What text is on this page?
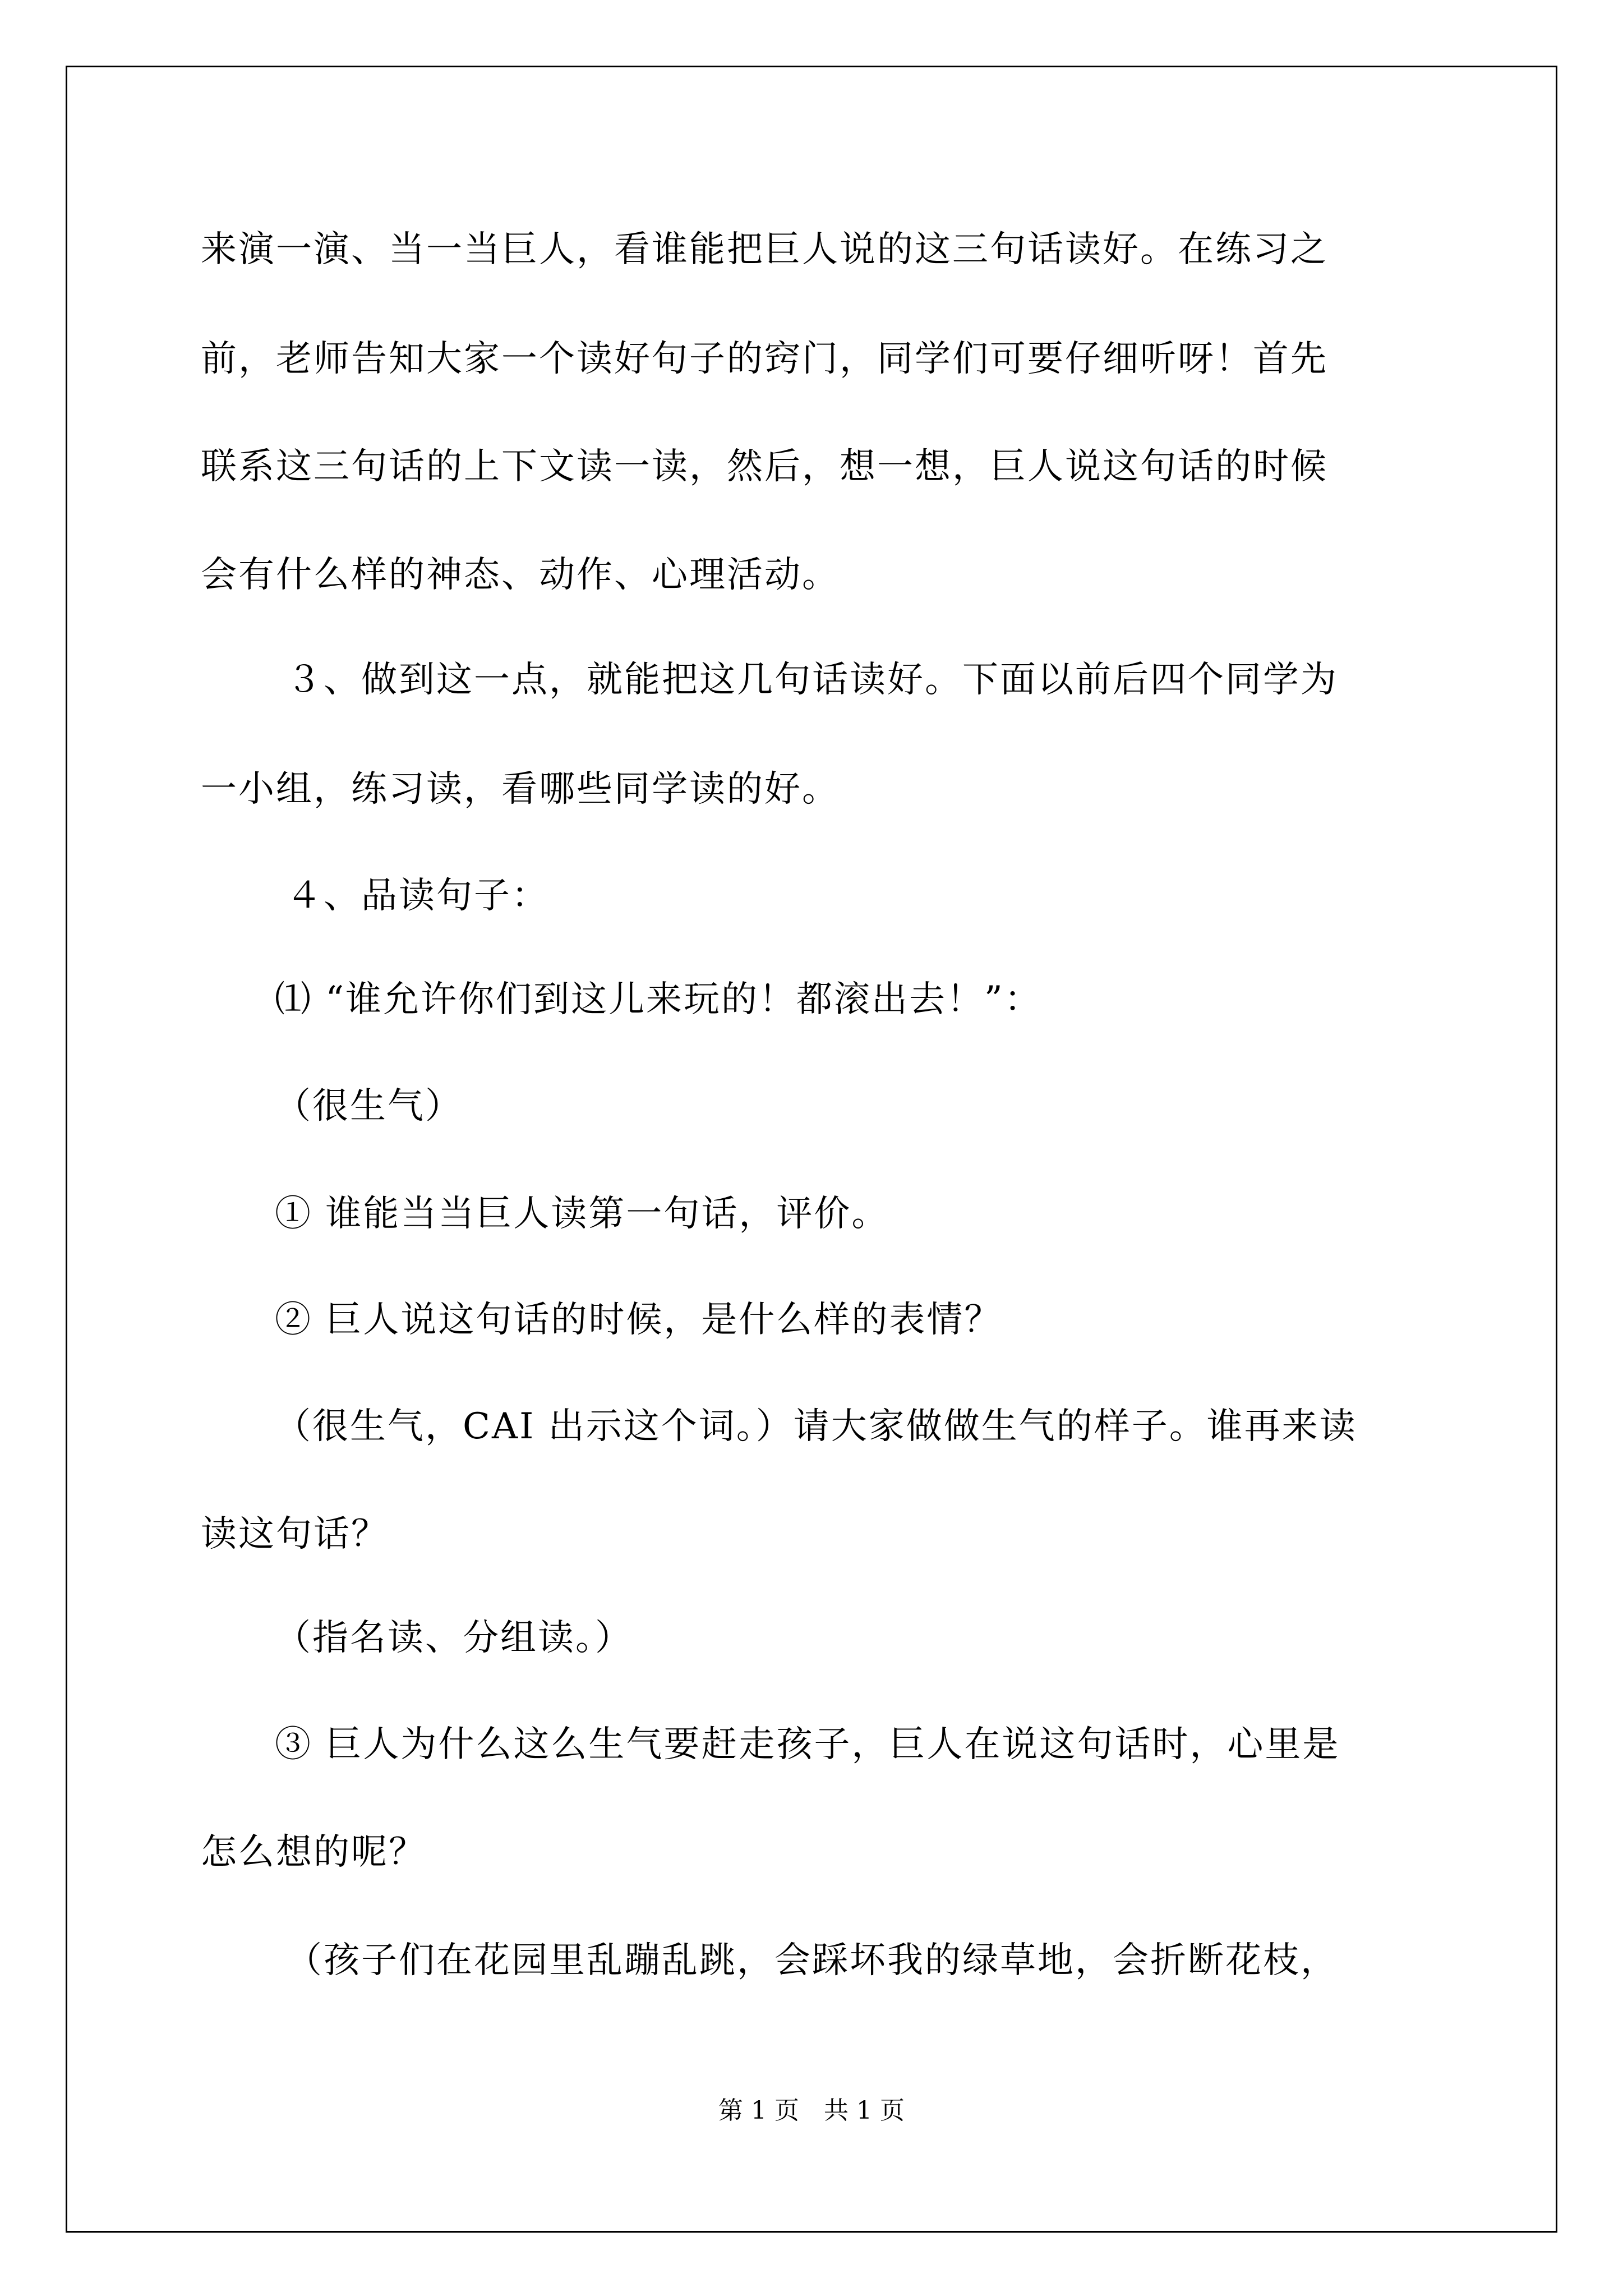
来演一演、当一当巨人，看谁能把巨人说的这三句话读好。在练习之
前，老师告知大家一个读好句子的窍门，同学们可要仔细听呀！首先
联系这三句话的上下文读一读，然后，想一想，巨人说这句话的时候
会有什么样的神态、动作、心理活动。
３、做到这一点，就能把这几句话读好。下面以前后四个同学为
一小组，练习读，看哪些同学读的好。
４、品读句子：
⑴ “谁允许你们到这儿来玩的！都滚出去！”：
（很生气）
① 谁能当当巨人读第一句话，评价。
② 巨人说这句话的时候，是什么样的表情？
（很生气，CAI 出示这个词。）请大家做做生气的样子。谁再来读
读这句话？
（指名读、分组读。）
③ 巨人为什么这么生气要赶走孩子，巨人在说这句话时，心里是
怎么想的呢？
（孩子们在花园里乱蹦乱跳，会踩坏我的绿草地，会折断花枝，
第 1 页　共 1 页
